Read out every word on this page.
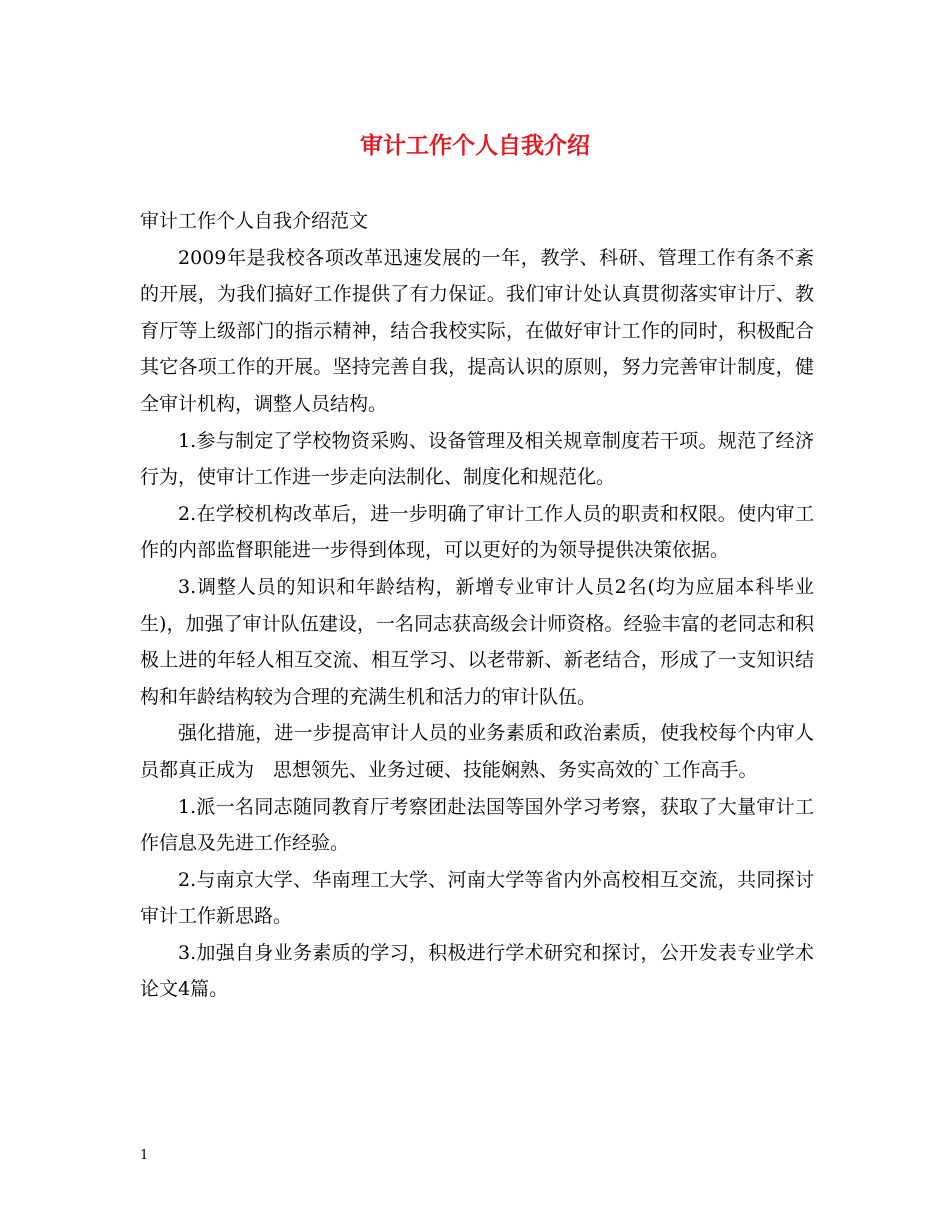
审计工作个人自我介绍

审计工作个人自我介绍范文

2009年是我校各项改革迅速发展的一年，教学、科研、管理工作有条不紊的开展，为我们搞好工作提供了有力保证。我们审计处认真贯彻落实审计厅、教育厅等上级部门的指示精神，结合我校实际，在做好审计工作的同时，积极配合其它各项工作的开展。坚持完善自我，提高认识的原则，努力完善审计制度，健全审计机构，调整人员结构。

1.参与制定了学校物资采购、设备管理及相关规章制度若干项。规范了经济行为，使审计工作进一步走向法制化、制度化和规范化。

2.在学校机构改革后，进一步明确了审计工作人员的职责和权限。使内审工作的内部监督职能进一步得到体现，可以更好的为领导提供决策依据。

3.调整人员的知识和年龄结构，新增专业审计人员2名(均为应届本科毕业生)，加强了审计队伍建设，一名同志获高级会计师资格。经验丰富的老同志和积极上进的年轻人相互交流、相互学习、以老带新、新老结合，形成了一支知识结构和年龄结构较为合理的充满生机和活力的审计队伍。

强化措施，进一步提高审计人员的业务素质和政治素质，使我校每个内审人员都真正成为　思想领先、业务过硬、技能娴熟、务实高效的`工作高手。

1.派一名同志随同教育厅考察团赴法国等国外学习考察，获取了大量审计工作信息及先进工作经验。

2.与南京大学、华南理工大学、河南大学等省内外高校相互交流，共同探讨审计工作新思路。

3.加强自身业务素质的学习，积极进行学术研究和探讨，公开发表专业学术论文4篇。

1
